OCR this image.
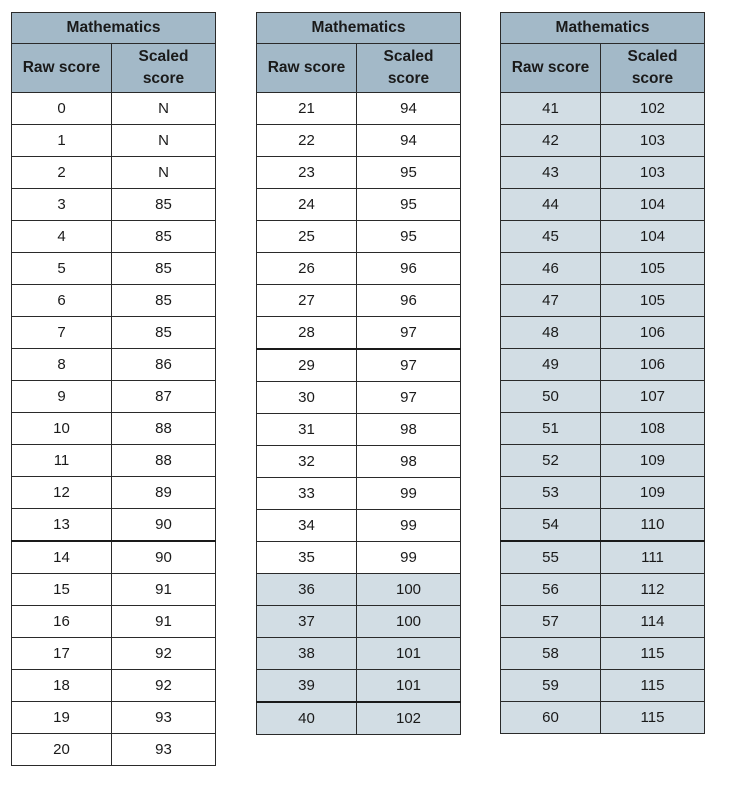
Mathematics	
Raw score	Scaled
score
0	N
1	N
2	N
3	85
4	85
5	85
6	85
7	85
8	86
9	87
10	88
11	88
12	89
13	90
14	90
15	91
16	91
17	92
18	92
19	93
20	93
Mathematics	
Raw score	Scaled
score
21	94
22	94
23	95
24	95
25	95
26	96
27	96
28	97
29	97
30	97
31	98
32	98
33	99
34	99
35	99
36	100
37	100
38	101
39	101
40	102
Mathematics	
Raw score	Scaled
score
41	102
42	103
43	103
44	104
45	104
46	105
47	105
48	106
49	106
50	107
51	108
52	109
53	109
54	110
55	111
56	112
57	114
58	115
59	115
60	115
